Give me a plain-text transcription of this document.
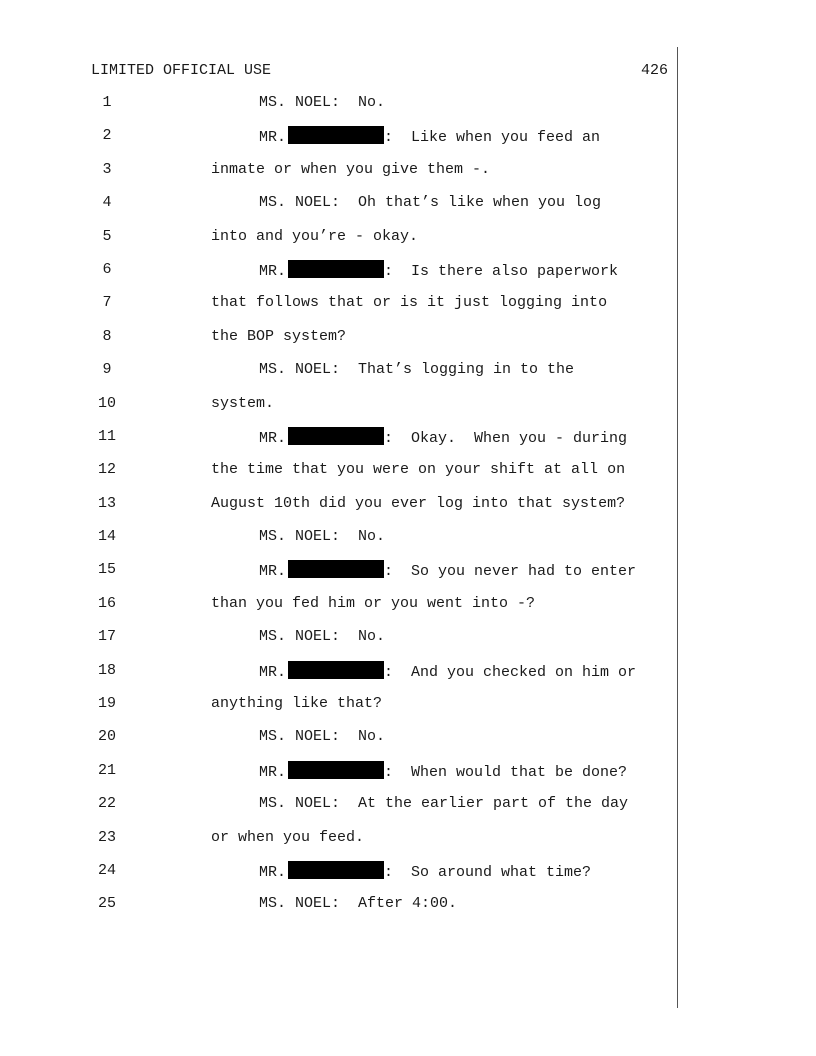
LIMITED OFFICIAL USE	426
1	MS. NOEL:  No.
2	MR.	:  Like when you feed an
3	inmate or when you give them -.
4	MS. NOEL:  Oh that’s like when you log
5	into and you’re - okay.
6	MR.	:  Is there also paperwork
7	that follows that or is it just logging into
8	the BOP system?
9	MS. NOEL:  That’s logging in to the
10	system.
11	MR.	:  Okay.  When you - during
12	the time that you were on your shift at all on
13	August 10th did you ever log into that system?
14	MS. NOEL:  No.
15	MR.	:  So you never had to enter
16	than you fed him or you went into -?
17	MS. NOEL:  No.
18	MR.	:  And you checked on him or
19	anything like that?
20	MS. NOEL:  No.
21	MR.	:  When would that be done?
22	MS. NOEL:  At the earlier part of the day
23	or when you feed.
24	MR.	:  So around what time?
25	MS. NOEL:  After 4:00.
